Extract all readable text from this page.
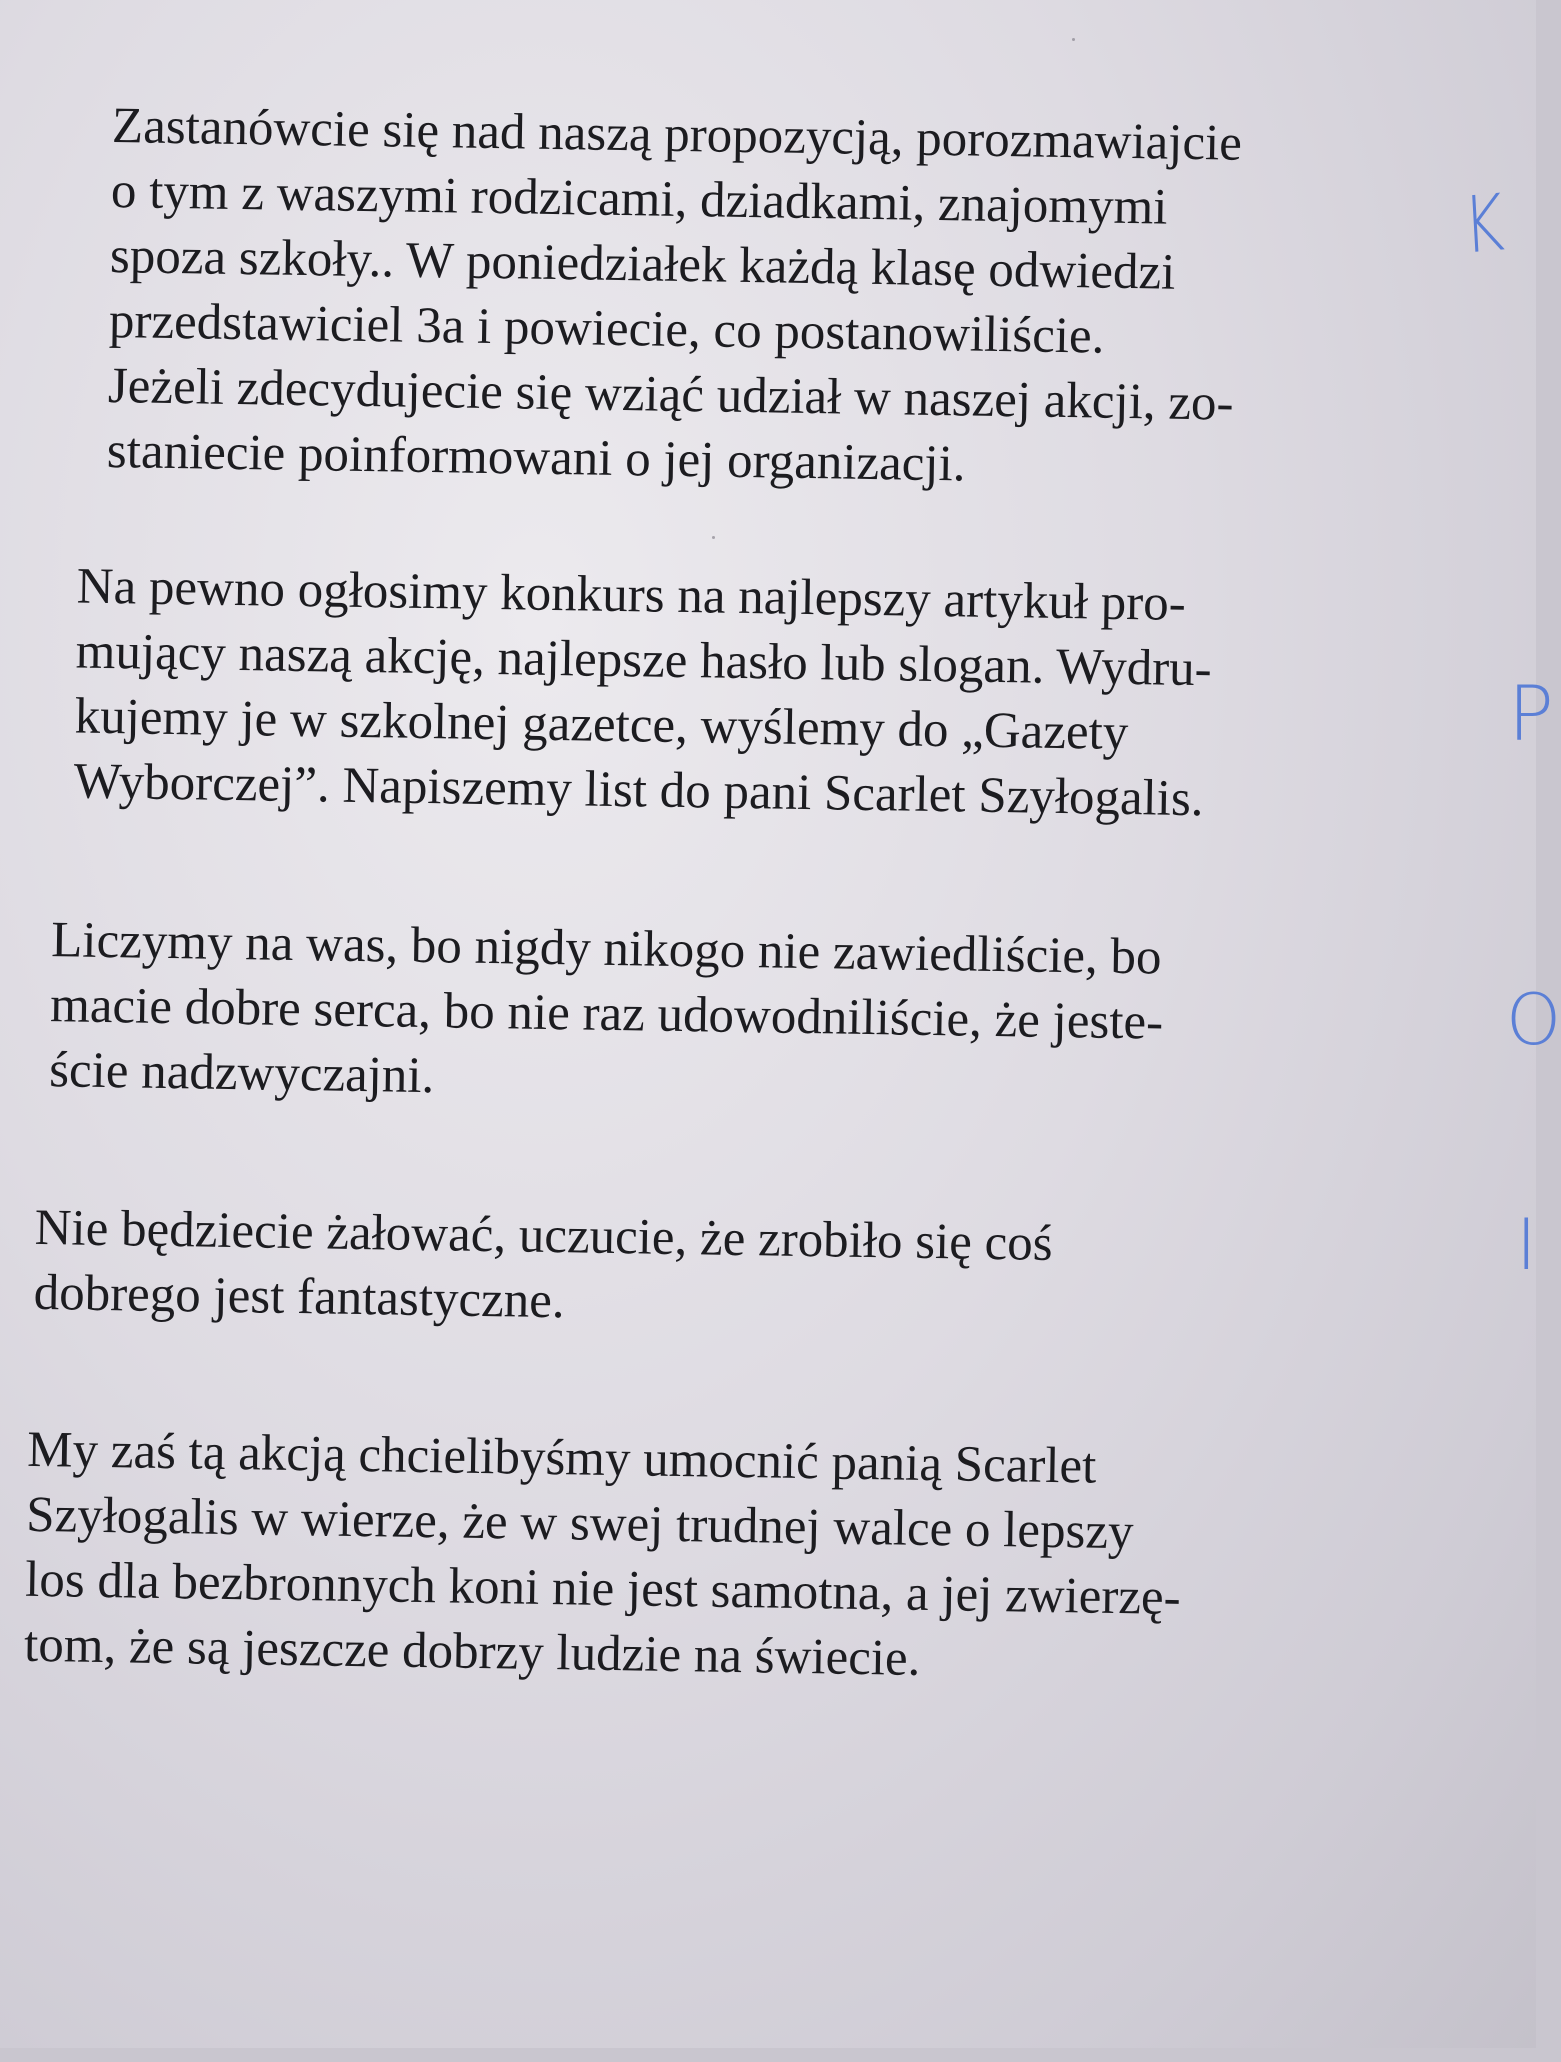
Zastanówcie się nad naszą propozycją, porozmawiajcie
o tym z waszymi rodzicami, dziadkami, znajomymi
spoza szkoły.. W poniedziałek każdą klasę odwiedzi
przedstawiciel 3a i powiecie, co postanowiliście.
Jeżeli zdecydujecie się wziąć udział w naszej akcji, zo-
staniecie poinformowani o jej organizacji.

Na pewno ogłosimy konkurs na najlepszy artykuł pro-
mujący naszą akcję, najlepsze hasło lub slogan. Wydru-
kujemy je w szkolnej gazetce, wyślemy do „Gazety
Wyborczej”. Napiszemy list do pani Scarlet Szyłogalis.

Liczymy na was, bo nigdy nikogo nie zawiedliście, bo
macie dobre serca, bo nie raz udowodniliście, że jeste-
ście nadzwyczajni.

Nie będziecie żałować, uczucie, że zrobiło się coś
dobrego jest fantastyczne.

My zaś tą akcją chcielibyśmy umocnić panią Scarlet
Szyłogalis w wierze, że w swej trudnej walce o lepszy
los dla bezbronnych koni nie jest samotna, a jej zwierzę-
tom, że są jeszcze dobrzy ludzie na świecie.

K
P
O
I
